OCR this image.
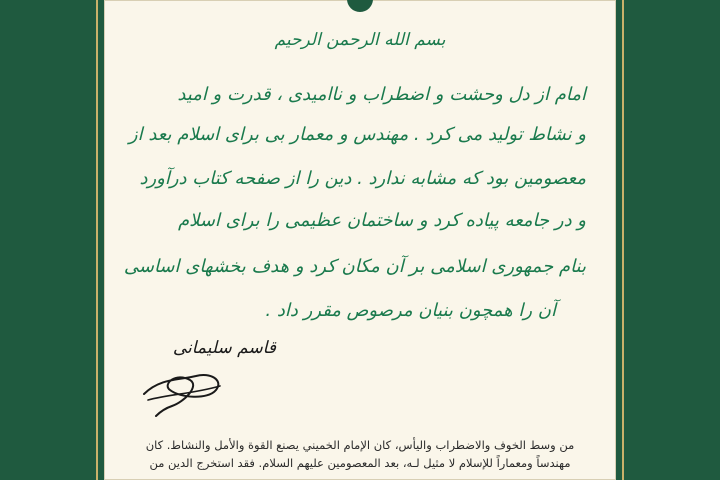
بسم الله الرحمن الرحيم
امام از دل وحشت و اضطراب و ناامیدی ، قدرت و امید
و نشاط تولید می کرد . مهندس و معمار بی برای اسلام بعد از
معصومین بود که مشابه ندارد . دین را از صفحه کتاب درآورد
و در جامعه پیاده کرد و ساختمان عظیمی را برای اسلام
بنام جمهوری اسلامی بر آن مکان کرد و هدف بخشهای اساسی
آن را همچون بنیان مرصوص مقرر داد .
قاسم سلیمانی
من وسط الخوف والاضطراب واليأس، كان الإمام الخميني يصنع القوة والأمل والنشاط. كان
مهندساً ومعماراً للإسلام لا مثيل لـه، بعد المعصومين عليهم السلام. فقد استخرج الدين من
